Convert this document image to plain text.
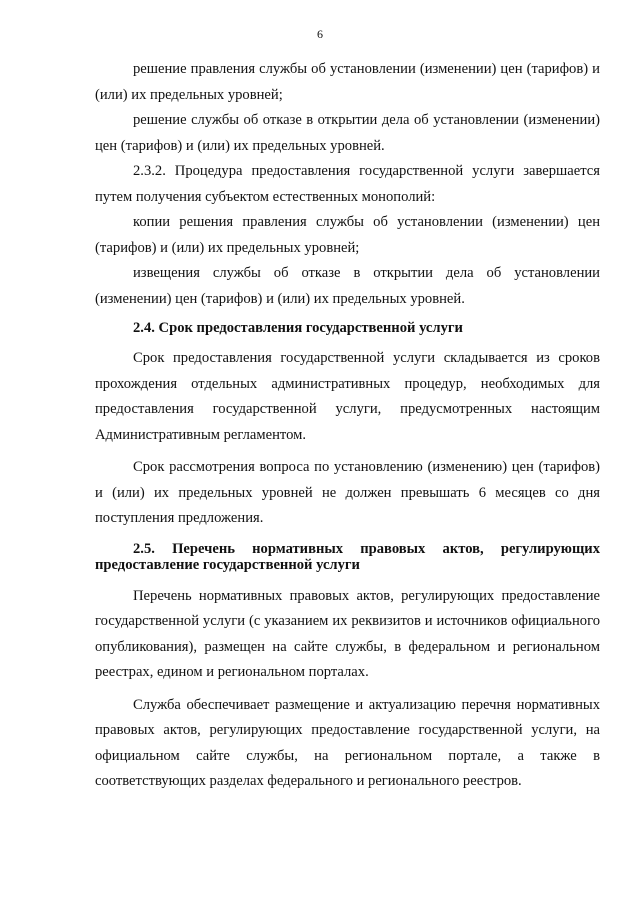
6

решение правления службы об установлении (изменении) цен (тарифов) и (или) их предельных уровней;

решение службы об отказе в открытии дела об установлении (изменении) цен (тарифов) и (или) их предельных уровней.

2.3.2. Процедура предоставления государственной услуги завершается путем получения субъектом естественных монополий:

копии решения правления службы об установлении (изменении) цен (тарифов) и (или) их предельных уровней;

извещения службы об отказе в открытии дела об установлении (изменении) цен (тарифов) и (или) их предельных уровней.

2.4. Срок предоставления государственной услуги

Срок предоставления государственной услуги складывается из сроков прохождения отдельных административных процедур, необходимых для предоставления государственной услуги, предусмотренных настоящим Административным регламентом.

Срок рассмотрения вопроса по установлению (изменению) цен (тарифов) и (или) их предельных уровней не должен превышать 6 месяцев со дня поступления предложения.

2.5. Перечень нормативных правовых актов, регулирующих предоставление государственной услуги

Перечень нормативных правовых актов, регулирующих предоставление государственной услуги (с указанием их реквизитов и источников официального опубликования), размещен на сайте службы, в федеральном и региональном реестрах, едином и региональном порталах.

Служба обеспечивает размещение и актуализацию перечня нормативных правовых актов, регулирующих предоставление государственной услуги, на официальном сайте службы, на региональном портале, а также в соответствующих разделах федерального и регионального реестров.
